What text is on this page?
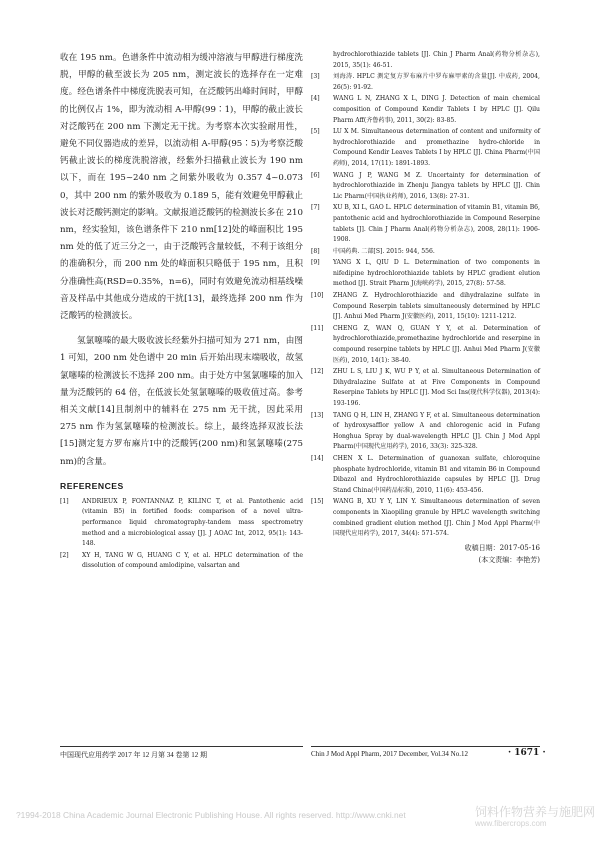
收在 195 nm。色谱条件中流动相为缓冲溶液与甲醇进行梯度洗脱，甲醇的截至波长为 205 nm，测定波长的选择存在一定难度。经色谱条件中梯度洗脱表可知，在泛酸钙出峰时间时，甲醇的比例仅占 1%，即为流动相 A-甲醇(99∶1)，甲醇的截止波长对泛酸钙在 200 nm 下测定无干扰。为考察本次实验耐用性，避免不同仪器造成的差异，以流动相 A-甲醇(95∶5)为考察泛酸钙截止波长的梯度洗脱溶液，经紫外扫描截止波长为 190 nm 以下，而在 195~240 nm 之间紫外吸收为 0.357 4~0.073 0，其中 200 nm 的紫外吸收为 0.189 5，能有效避免甲醇截止波长对泛酸钙测定的影响。文献报道泛酸钙的检测波长多在 210 nm，经实验知，该色谱条件下 210 nm[12]处的峰面积比 195 nm 处的低了近三分之一，由于泛酸钙含量较低，不利于该组分的准确积分，而 200 nm 处的峰面积只略低于 195 nm，且积分准确性高(RSD=0.35%，n=6)，同时有效避免流动相基线噪音及样品中其他成分造成的干扰[13]，最终选择 200 nm 作为泛酸钙的检测波长。

氢氯噻嗪的最大吸收波长经紫外扫描可知为 271 nm，由图 1 可知，200 nm 处色谱中 20 min 后开始出现末端吸收，故氢氯噻嗪的检测波长不选择 200 nm。由于处方中氢氯噻嗪的加入量为泛酸钙的 64 倍，在低波长处氢氯噻嗪的吸收值过高。参考相关文献[14]且制剂中的辅料在 275 nm 无干扰，因此采用 275 nm 作为氢氯噻嗪的检测波长。综上，最终选择双波长法[15]测定复方罗布麻片Ⅰ中的泛酸钙(200 nm)和氢氯噻嗪(275 nm)的含量。

REFERENCES
[1]	ANDRIEUX P, FONTANNAZ P, KILINC T, et al. Pantothenic acid (vitamin B5) in fortified foods: comparison of a novel ultra-performance liquid chromatography-tandem mass spectrometry method and a microbiological assay [J]. J AOAC Int, 2012, 95(1): 143-148.
[2]	XY H, TANG W G, HUANG C Y, et al. HPLC determination of the dissolution of compound amlodipine, valsartan and
hydrochlorothiazide tablets [J]. Chin J Pharm Anal(药物分析杂志), 2015, 35(1): 46-51.
[3]	刘海涛. HPLC 测定复方罗布麻片中罗布麻甲素的含量[J]. 中成药, 2004, 26(5): 91-92.
[4]	WANG L N, ZHANG X L, DING J. Detection of main chemical composition of Compound Kendir Tablets I by HPLC [J]. Qilu Pharm Aff(齐鲁药事), 2011, 30(2): 83-85.
[5]	LU X M. Simultaneous determination of content and uniformity of hydrochlorothiazide and promethazine hydro-chloride in Compound Kendir Leaves Tablets I by HPLC [J]. China Pharm(中国药师), 2014, 17(11): 1891-1893.
[6]	WANG J P, WANG M Z. Uncertainty for determination of hydrochlorothiazide in Zhenju Jiangya tablets by HPLC [J]. Chin Lic Pharm(中国执业药师), 2016, 13(8): 27-31.
[7]	XU B, XI L, GAO L. HPLC determination of vitamin B1, vitamin B6, pantothenic acid and hydrochlorothiazide in Compound Reserpine tablets [J]. Chin J Pharm Anal(药物分析杂志), 2008, 28(11): 1906-1908.
[8]	中国药典. 二部[S]. 2015: 944, 556.
[9]	YANG X L, QIU D L. Determination of two components in nifedipine hydrochlorothiazide tablets by HPLC gradient elution method [J]. Strait Pharm J(海峡药学), 2015, 27(8): 57-58.
[10]	ZHANG Z. Hydrochlorothiazide and dihydralazine sulfate in Compound Reserpin tablets simultaneously determined by HPLC [J]. Anhui Med Pharm J(安徽医药), 2011, 15(10): 1211-1212.
[11]	CHENG Z, WAN Q, GUAN Y Y, et al. Determination of hydrochlorothiazide,promethazine hydrochloride and reserpine in compound reserpine tablets by HPLC [J]. Anhui Med Pharm J(安徽医药), 2010, 14(1): 38-40.
[12]	ZHU L S, LIU J K, WU P Y, et al. Simultaneous Determination of Dihydralazine Sulfate at at Five Components in Compound Reserpine Tablets by HPLC [J]. Mod Sci Ins(现代科学仪器), 2013(4): 193-196.
[13]	TANG Q H, LIN H, ZHANG Y F, et al. Simultaneous determination of hydroxysafflor yellow A and chlorogenic acid in Fufang Honghua Spray by dual-wavelength HPLC [J]. Chin J Mod Appl Pharm(中国现代应用药学), 2016, 33(3): 325-328.
[14]	CHEN X L. Determination of guanoxan sulfate, chloroquine phosphate hydrochloride, vitamin B1 and vitamin B6 in Compound Dibazol and Hydrochlorothiazide capsules by HPLC [J]. Drug Stand China(中国药品标准), 2010, 11(6): 453-456.
[15]	WANG B, XU Y Y, LIN Y. Simultaneous determination of seven components in Xiaopiling granule by HPLC wavelength switching combined gradient elution method [J]. Chin J Mod Appl Pharm(中国现代应用药学), 2017, 34(4): 571-574.
收稿日期：2017-05-16
(本文责编：李艳芳)
中国现代应用药学 2017 年 12 月第 34 卷第 12 期	Chin J Mod Appl Pharm, 2017 December, Vol.34 No.12	· 1671 ·
?1994-2018 China Academic Journal Electronic Publishing House. All rights reserved. http://www.cnki.net	饲料作物营养与施肥网
www.fibercrops.com
